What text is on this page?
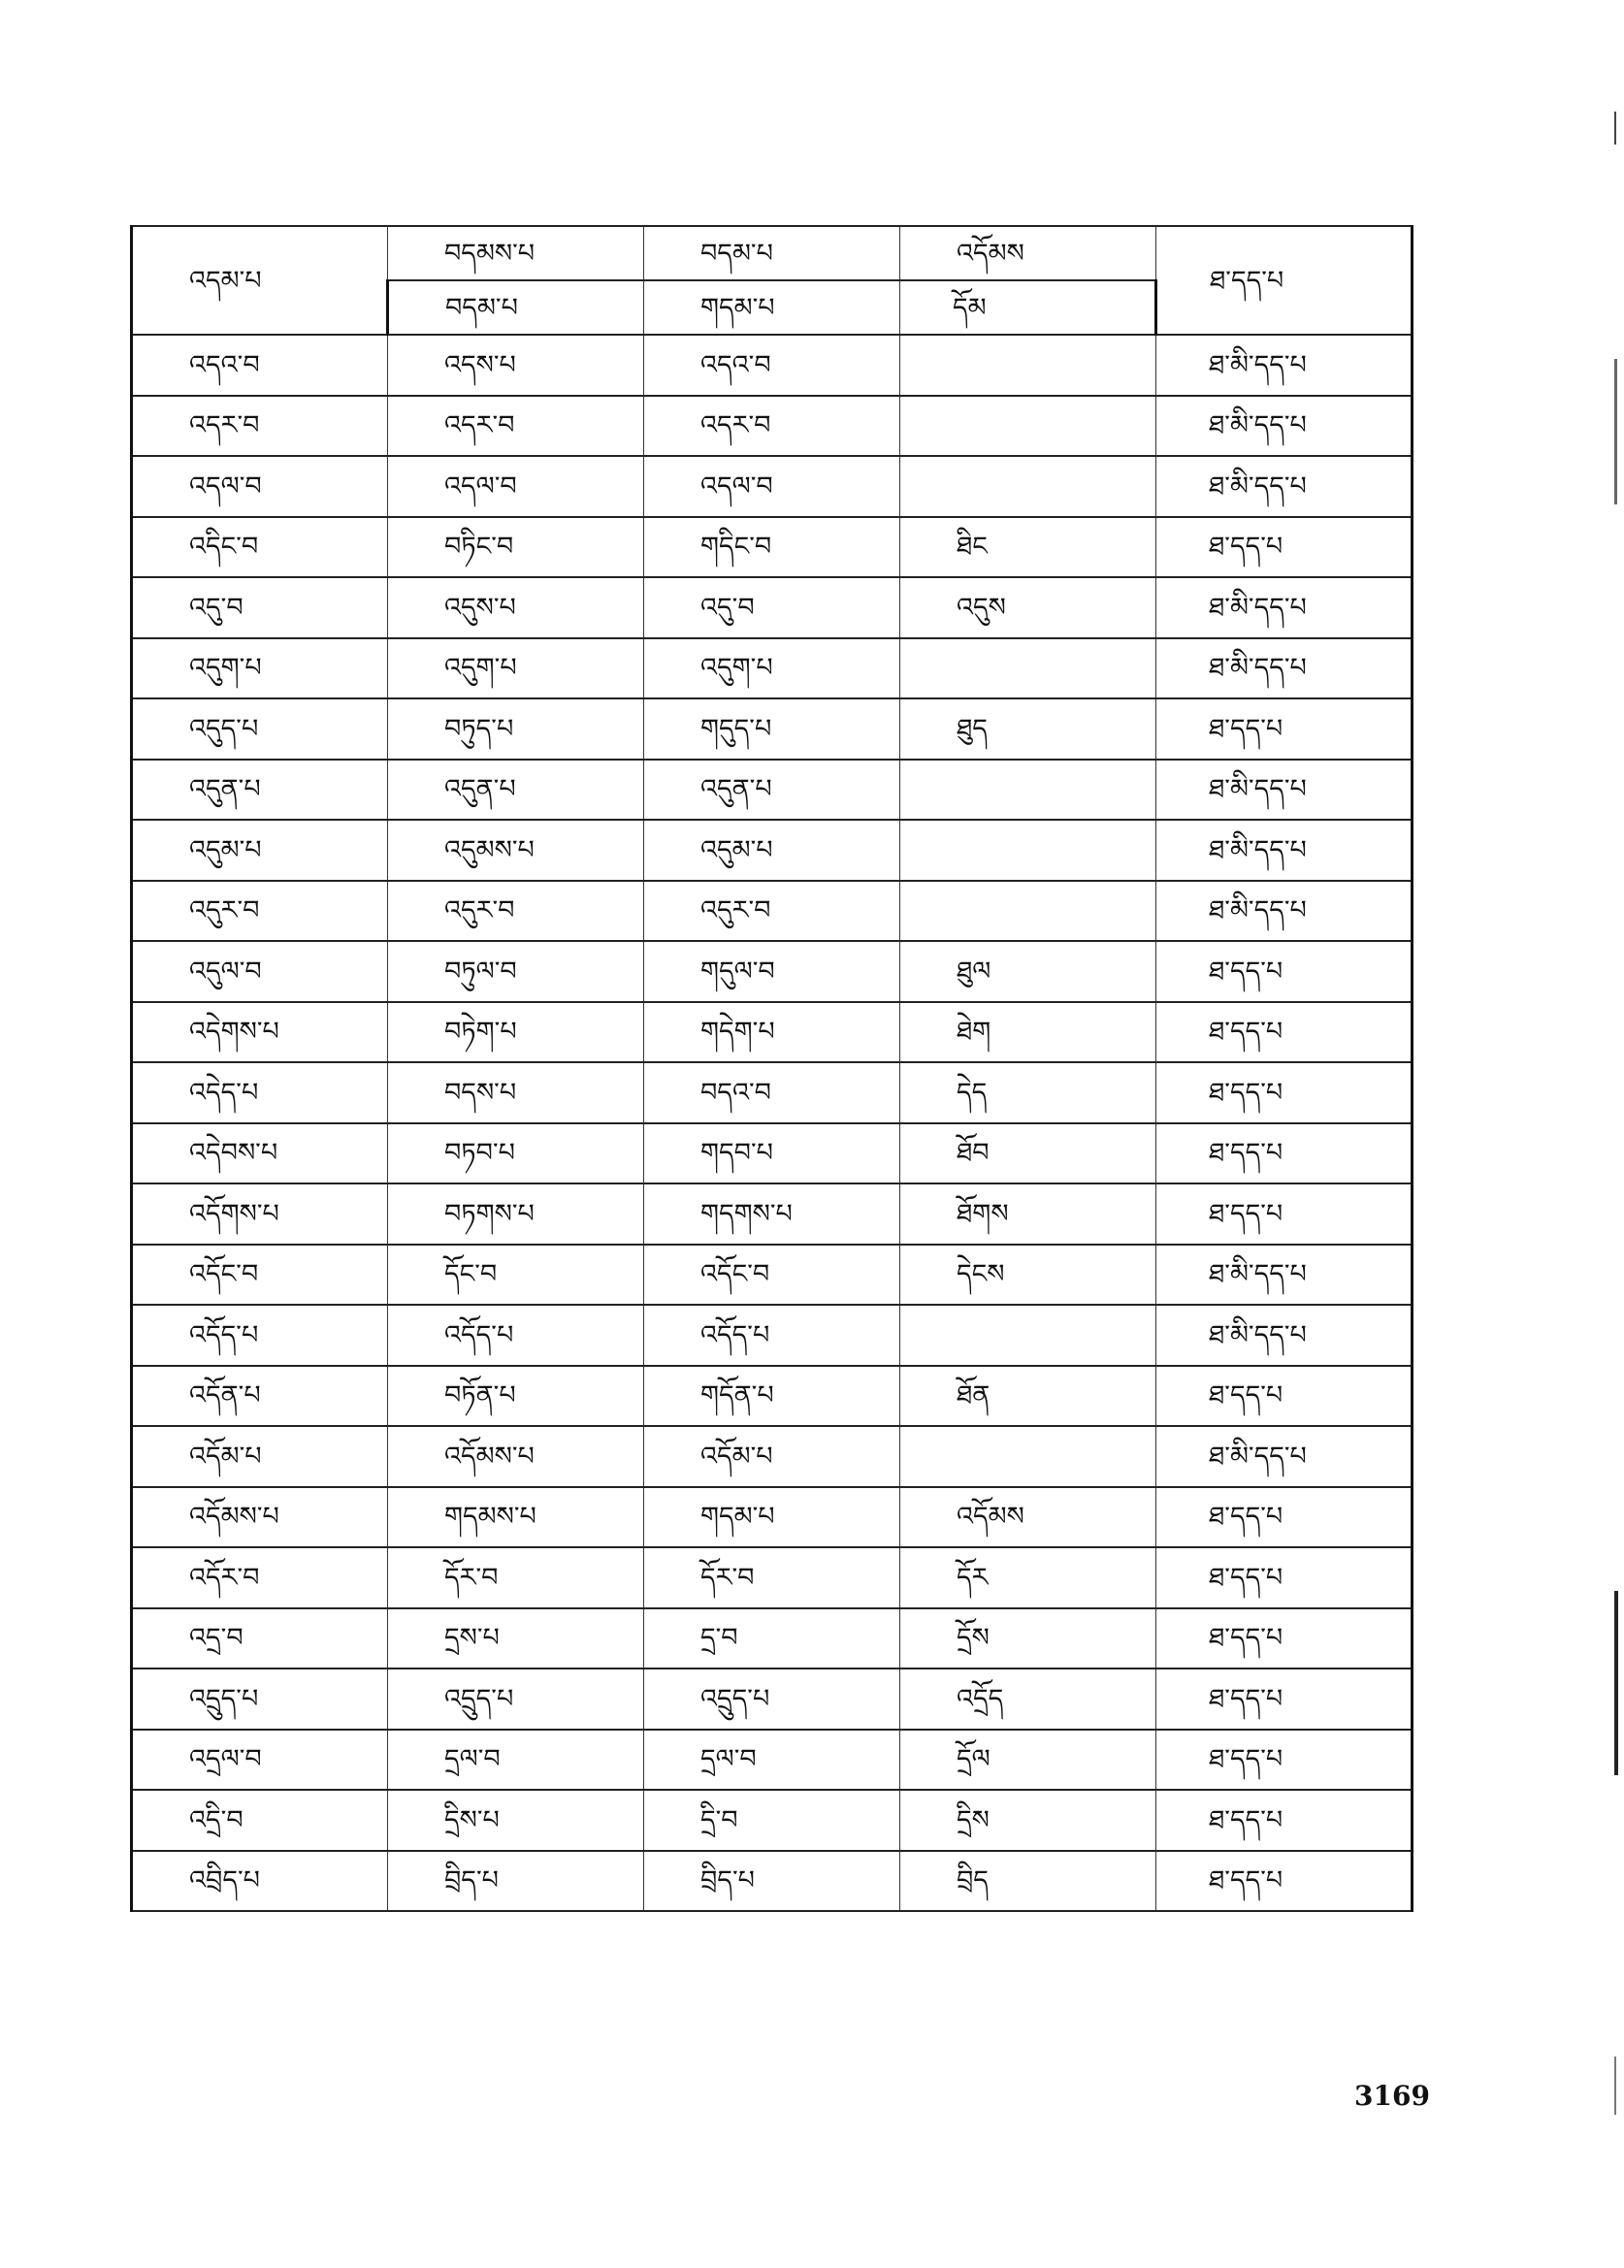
འདམ་པ	བདམས་པ	བདམ་པ	འདོམས	ཐ་དད་པ
	བདམ་པ	གདམ་པ	དོམ	
འདའ་བ	འདས་པ	འདའ་བ		ཐ་མི་དད་པ
འདར་བ	འདར་བ	འདར་བ		ཐ་མི་དད་པ
འདལ་བ	འདལ་བ	འདལ་བ		ཐ་མི་དད་པ
འདིང་བ	བཏིང་བ	གདིང་བ	ཐིང	ཐ་དད་པ
འདུ་བ	འདུས་པ	འདུ་བ	འདུས	ཐ་མི་དད་པ
འདུག་པ	འདུག་པ	འདུག་པ		ཐ་མི་དད་པ
འདུད་པ	བཏུད་པ	གདུད་པ	ཐུད	ཐ་དད་པ
འདུན་པ	འདུན་པ	འདུན་པ		ཐ་མི་དད་པ
འདུམ་པ	འདུམས་པ	འདུམ་པ		ཐ་མི་དད་པ
འདུར་བ	འདུར་བ	འདུར་བ		ཐ་མི་དད་པ
འདུལ་བ	བཏུལ་བ	གདུལ་བ	ཐུལ	ཐ་དད་པ
འདེགས་པ	བཏེག་པ	གདེག་པ	ཐེག	ཐ་དད་པ
འདེད་པ	བདས་པ	བདའ་བ	དེད	ཐ་དད་པ
འདེབས་པ	བཏབ་པ	གདབ་པ	ཐོབ	ཐ་དད་པ
འདོགས་པ	བཏགས་པ	གདགས་པ	ཐོགས	ཐ་དད་པ
འདོང་བ	དོང་བ	འདོང་བ	དེངས	ཐ་མི་དད་པ
འདོད་པ	འདོད་པ	འདོད་པ		ཐ་མི་དད་པ
འདོན་པ	བཏོན་པ	གདོན་པ	ཐོན	ཐ་དད་པ
འདོམ་པ	འདོམས་པ	འདོམ་པ		ཐ་མི་དད་པ
འདོམས་པ	གདམས་པ	གདམ་པ	འདོམས	ཐ་དད་པ
འདོར་བ	དོར་བ	དོར་བ	དོར	ཐ་དད་པ
འདྲ་བ	དྲས་པ	དྲ་བ	དྲོས	ཐ་དད་པ
འདྲུད་པ	འདྲུད་པ	འདྲུད་པ	འདྲོད	ཐ་དད་པ
འདྲལ་བ	དྲལ་བ	དྲལ་བ	དྲོལ	ཐ་དད་པ
འདྲི་བ	དྲིས་པ	དྲི་བ	དྲིས	ཐ་དད་པ
འབྲིད་པ	བྲིད་པ	བྲིད་པ	བྲིད	ཐ་དད་པ
3169
